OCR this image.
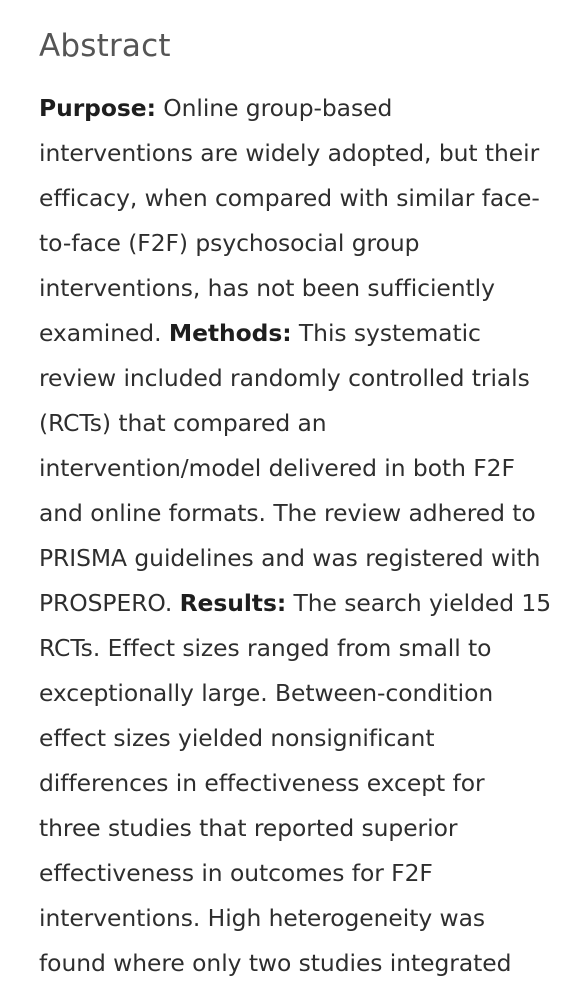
Abstract
Purpose: Online group-based
interventions are widely adopted, but their
efficacy, when compared with similar face-
to-face (F2F) psychosocial group
interventions, has not been sufficiently
examined. Methods: This systematic
review included randomly controlled trials
(RCTs) that compared an
intervention/model delivered in both F2F
and online formats. The review adhered to
PRISMA guidelines and was registered with
PROSPERO. Results: The search yielded 15
RCTs. Effect sizes ranged from small to
exceptionally large. Between-condition
effect sizes yielded nonsignificant
differences in effectiveness except for
three studies that reported superior
effectiveness in outcomes for F2F
interventions. High heterogeneity was
found where only two studies integrated
